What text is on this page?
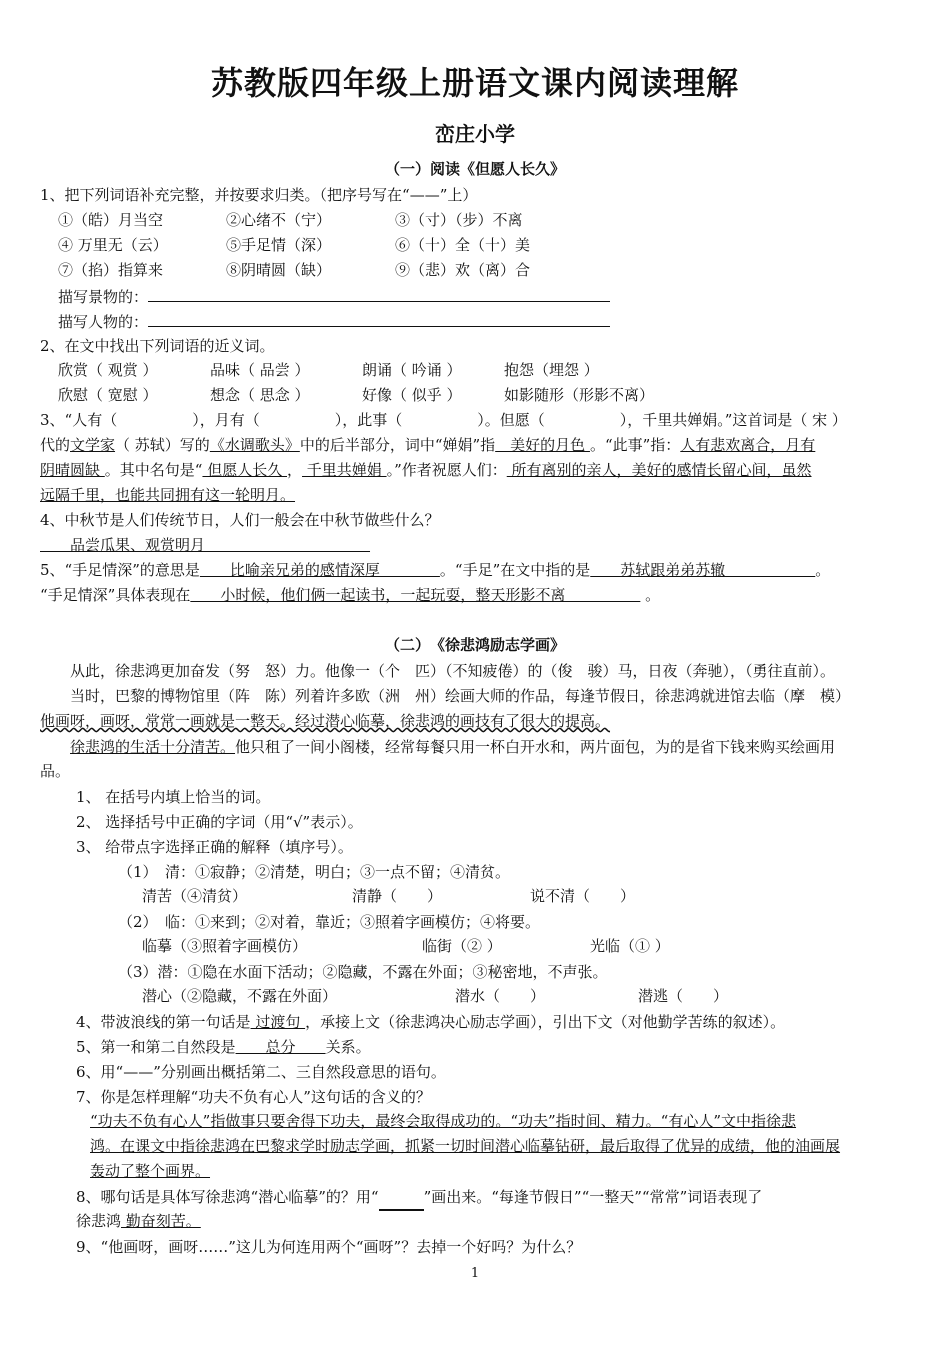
苏教版四年级上册语文课内阅读理解
峦庄小学
（一）阅读《但愿人长久》
1、把下列词语补充完整，并按要求归类。（把序号写在“——”上）
①（皓）月当空	②心绪不（宁）	③（寸）（步）不离
④ 万里无（云）	⑤手足情（深）	⑥（十）全（十）美
⑦（掐）指算来	⑧阴晴圆（缺）	⑨（悲）欢（离）合
描写景物的：
描写人物的：
2、在文中找出下列词语的近义词。
欣赏（ 观赏 ）	品味（ 品尝 ）	朗诵（ 吟诵 ）	抱怨（埋怨 ）
欣慰（ 宽慰 ）	想念（ 思念 ）	好像（ 似乎 ）	如影随形（形影不离）
3、“人有（　　　　　），月有（　　　　　），此事（　　　　　）。但愿（　　　　　），千里共婵娟。”这首词是（ 宋 ）
代的文学家（ 苏轼）写的《水调歌头》中的后半部分，词中“婵娟”指　美好的月色 。“此事”指：人有悲欢离合，月有
阴晴圆缺 。其中名句是“ 但愿人长久 ， 千里共婵娟 。”作者祝愿人们： 所有离别的亲人，美好的感情长留心间，虽然
远隔千里，也能共同拥有这一轮明月。
4、中秋节是人们传统节日，人们一般会在中秋节做些什么？
　　品尝瓜果、观赏明月　　　　　　　　　　　
5、“手足情深”的意思是　　比喻亲兄弟的感情深厚　　　　。“手足”在文中指的是　　苏轼跟弟弟苏辙　　　　　　。
“手足情深”具体表现在　　小时候，他们俩一起读书，一起玩耍，整天形影不离　　　　　 。
（二）　《徐悲鸿励志学画》
　　从此，徐悲鸿更加奋发（努　怒）力。他像一（个　匹）（不知疲倦）的（俊　骏）马，日夜（奔驰），（勇往直前）。
　　当时，巴黎的博物馆里（阵　陈）列着许多欧（洲　州）绘画大师的作品，每逢节假日，徐悲鸿就进馆去临（摩　模）
他画呀，画呀，常常一画就是一整天。经过潜心临摹，徐悲鸿的画技有了很大的提高。
　　徐悲鸿的生活十分清苦。他只租了一间小阁楼，经常每餐只用一杯白开水和，两片面包，为的是省下钱来购买绘画用
品。
1、 在括号内填上恰当的词。
2、 选择括号中正确的字词（用“√”表示）。
3、 给带点字选择正确的解释（填序号）。
（1）　清：①寂静；②清楚，明白；③一点不留；④清贫。
清苦（④清贫）	清静（　　）	说不清（　　）
（2）　临：①来到；②对着，靠近；③照着字画模仿；④将要。
临摹（③照着字画模仿）	临街（② ）	光临（① ）
（3）潜：①隐在水面下活动；②隐藏，不露在外面；③秘密地，不声张。
潜心（②隐藏，不露在外面）	潜水（　　）	潜逃（　　）
4、带波浪线的第一句话是 过渡句 ，承接上文（徐悲鸿决心励志学画），引出下文（对他勤学苦练的叙述）。
5、第一和第二自然段是　　总分　　关系。
6、用“——”分别画出概括第二、三自然段意思的语句。
7、你是怎样理解“功夫不负有心人”这句话的含义的？
“功夫不负有心人”指做事只要舍得下功夫，最终会取得成功的。“功夫”指时间、精力。“有心人”文中指徐悲
鸿。在课文中指徐悲鸿在巴黎求学时励志学画，抓紧一切时间潜心临摹钻研，最后取得了优异的成绩，他的油画展
轰动了整个画界。
8、哪句话是具体写徐悲鸿“潜心临摹”的？用“　　　	”画出来。“每逢节假日”“一整天”“常常”词语表现了
徐悲鸿 勤奋刻苦。
9、“他画呀，画呀……”这儿为何连用两个“画呀”？去掉一个好吗？为什么？
1
